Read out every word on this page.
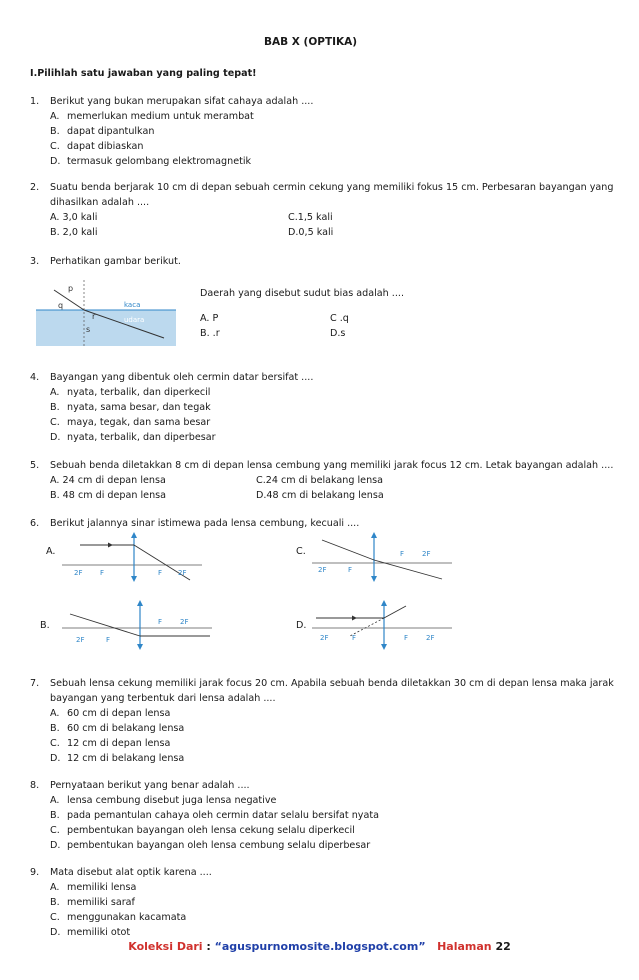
BAB X (OPTIKA)
I.Pilihlah satu jawaban yang paling tepat!
1. Berikut yang bukan merupakan sifat cahaya adalah ....
A. memerlukan medium untuk merambat
B. dapat dipantulkan
C. dapat dibiaskan
D. termasuk gelombang elektromagnetik
2. Suatu benda berjarak 10 cm di depan sebuah cermin cekung yang memiliki fokus 15 cm. Perbesaran bayangan yang
dihasilkan adalah ....
A. 3,0 kali	C.1,5 kali
B. 2,0 kali	D.0,5 kali
3. Perhatikan gambar berikut.
p
q
r
s
kaca
udara
Daerah yang disebut sudut bias adalah ....
A. P	C .q
B. .r	D.s
4. Bayangan yang dibentuk oleh cermin datar bersifat ....
A. nyata, terbalik, dan diperkecil
B. nyata, sama besar, dan tegak
C. maya, tegak, dan sama besar
D. nyata, terbalik, dan diperbesar
5. Sebuah benda diletakkan 8 cm di depan lensa cembung yang memiliki jarak focus 12 cm. Letak bayangan adalah ....
A. 24 cm di depan lensa	C.24 cm di belakang lensa
B. 48 cm di depan lensa	D.48 cm di belakang lensa
6. Berikut jalannya sinar istimewa pada lensa cembung, kecuali ....
A.	C.
B.	D.
2F	F	F 2F	2F	F
F	2F
2F	F
F	2F
2F	F	F	2F
7. Sebuah lensa cekung memiliki jarak focus 20 cm. Apabila sebuah benda diletakkan 30 cm di depan lensa maka jarak
bayangan yang terbentuk dari lensa adalah ....
A. 60 cm di depan lensa
B. 60 cm di belakang lensa
C. 12 cm di depan lensa
D. 12 cm di belakang lensa
8. Pernyataan berikut yang benar adalah ....
A. lensa cembung disebut juga lensa negative
B. pada pemantulan cahaya oleh cermin datar selalu bersifat nyata
C. pembentukan bayangan oleh lensa cekung selalu diperkecil
D. pembentukan bayangan oleh lensa cembung selalu diperbesar
9. Mata disebut alat optik karena ....
A. memiliki lensa
B. memiliki saraf
C. menggunakan kacamata
D. memiliki otot
Koleksi Dari : “aguspurnomosite.blogspot.com” Halaman 22
